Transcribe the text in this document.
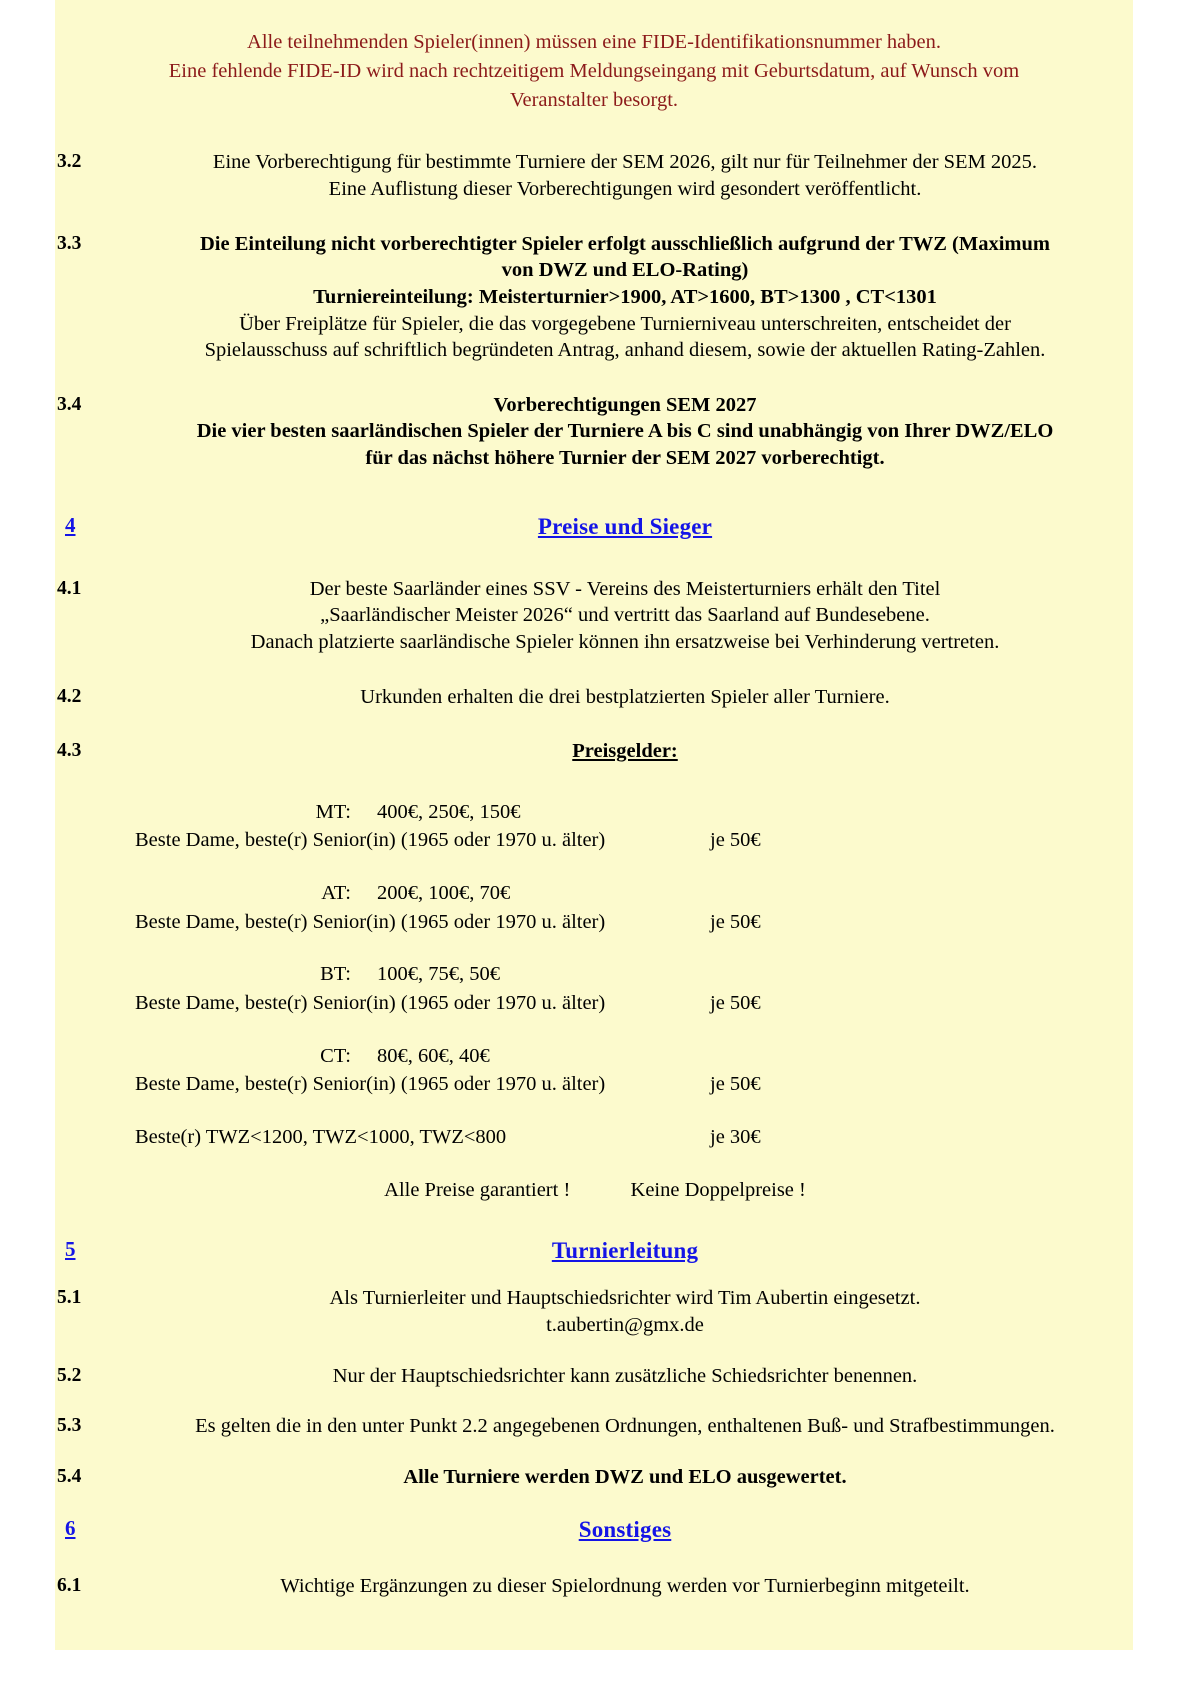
Alle teilnehmenden Spieler(innen) müssen eine FIDE-Identifikationsnummer haben.
Eine fehlende FIDE-ID wird nach rechtzeitigem Meldungseingang mit Geburtsdatum, auf Wunsch vom
Veranstalter besorgt.
3.2	Eine Vorberechtigung für bestimmte Turniere der SEM 2026, gilt nur für Teilnehmer der SEM 2025.
Eine Auflistung dieser Vorberechtigungen wird gesondert veröffentlicht.
3.3	Die Einteilung nicht vorberechtigter Spieler erfolgt ausschließlich aufgrund der TWZ (Maximum
von DWZ und ELO-Rating)
Turniereinteilung: Meisterturnier>1900, AT>1600, BT>1300 , CT<1301
Über Freiplätze für Spieler, die das vorgegebene Turnierniveau unterschreiten, entscheidet der
Spielausschuss auf schriftlich begründeten Antrag, anhand diesem, sowie der aktuellen Rating-Zahlen.
3.4	Vorberechtigungen SEM 2027
Die vier besten saarländischen Spieler der Turniere A bis C sind unabhängig von Ihrer DWZ/ELO
für das nächst höhere Turnier der SEM 2027 vorberechtigt.
4	Preise und Sieger
4.1	Der beste Saarländer eines SSV - Vereins des Meisterturniers erhält den Titel
„Saarländischer Meister 2026“ und vertritt das Saarland auf Bundesebene.
Danach platzierte saarländische Spieler können ihn ersatzweise bei Verhinderung vertreten.
4.2	Urkunden erhalten die drei bestplatzierten Spieler aller Turniere.
4.3	Preisgelder:
MT:	400€, 250€, 150€
Beste Dame, beste(r) Senior(in) (1965 oder 1970 u. älter)	je 50€
AT:	200€, 100€, 70€
Beste Dame, beste(r) Senior(in) (1965 oder 1970 u. älter)	je 50€
BT:	100€, 75€, 50€
Beste Dame, beste(r) Senior(in) (1965 oder 1970 u. älter)	je 50€
CT:	80€, 60€, 40€
Beste Dame, beste(r) Senior(in) (1965 oder 1970 u. älter)	je 50€
Beste(r) TWZ<1200, TWZ<1000, TWZ<800	je 30€
Alle Preise garantiert !	Keine Doppelpreise !
5	Turnierleitung
5.1	Als Turnierleiter und Hauptschiedsrichter wird Tim Aubertin eingesetzt.
t.aubertin@gmx.de
5.2	Nur der Hauptschiedsrichter kann zusätzliche Schiedsrichter benennen.
5.3	Es gelten die in den unter Punkt 2.2 angegebenen Ordnungen, enthaltenen Buß- und Strafbestimmungen.
5.4	Alle Turniere werden DWZ und ELO ausgewertet.
6	Sonstiges
6.1	Wichtige Ergänzungen zu dieser Spielordnung werden vor Turnierbeginn mitgeteilt.
